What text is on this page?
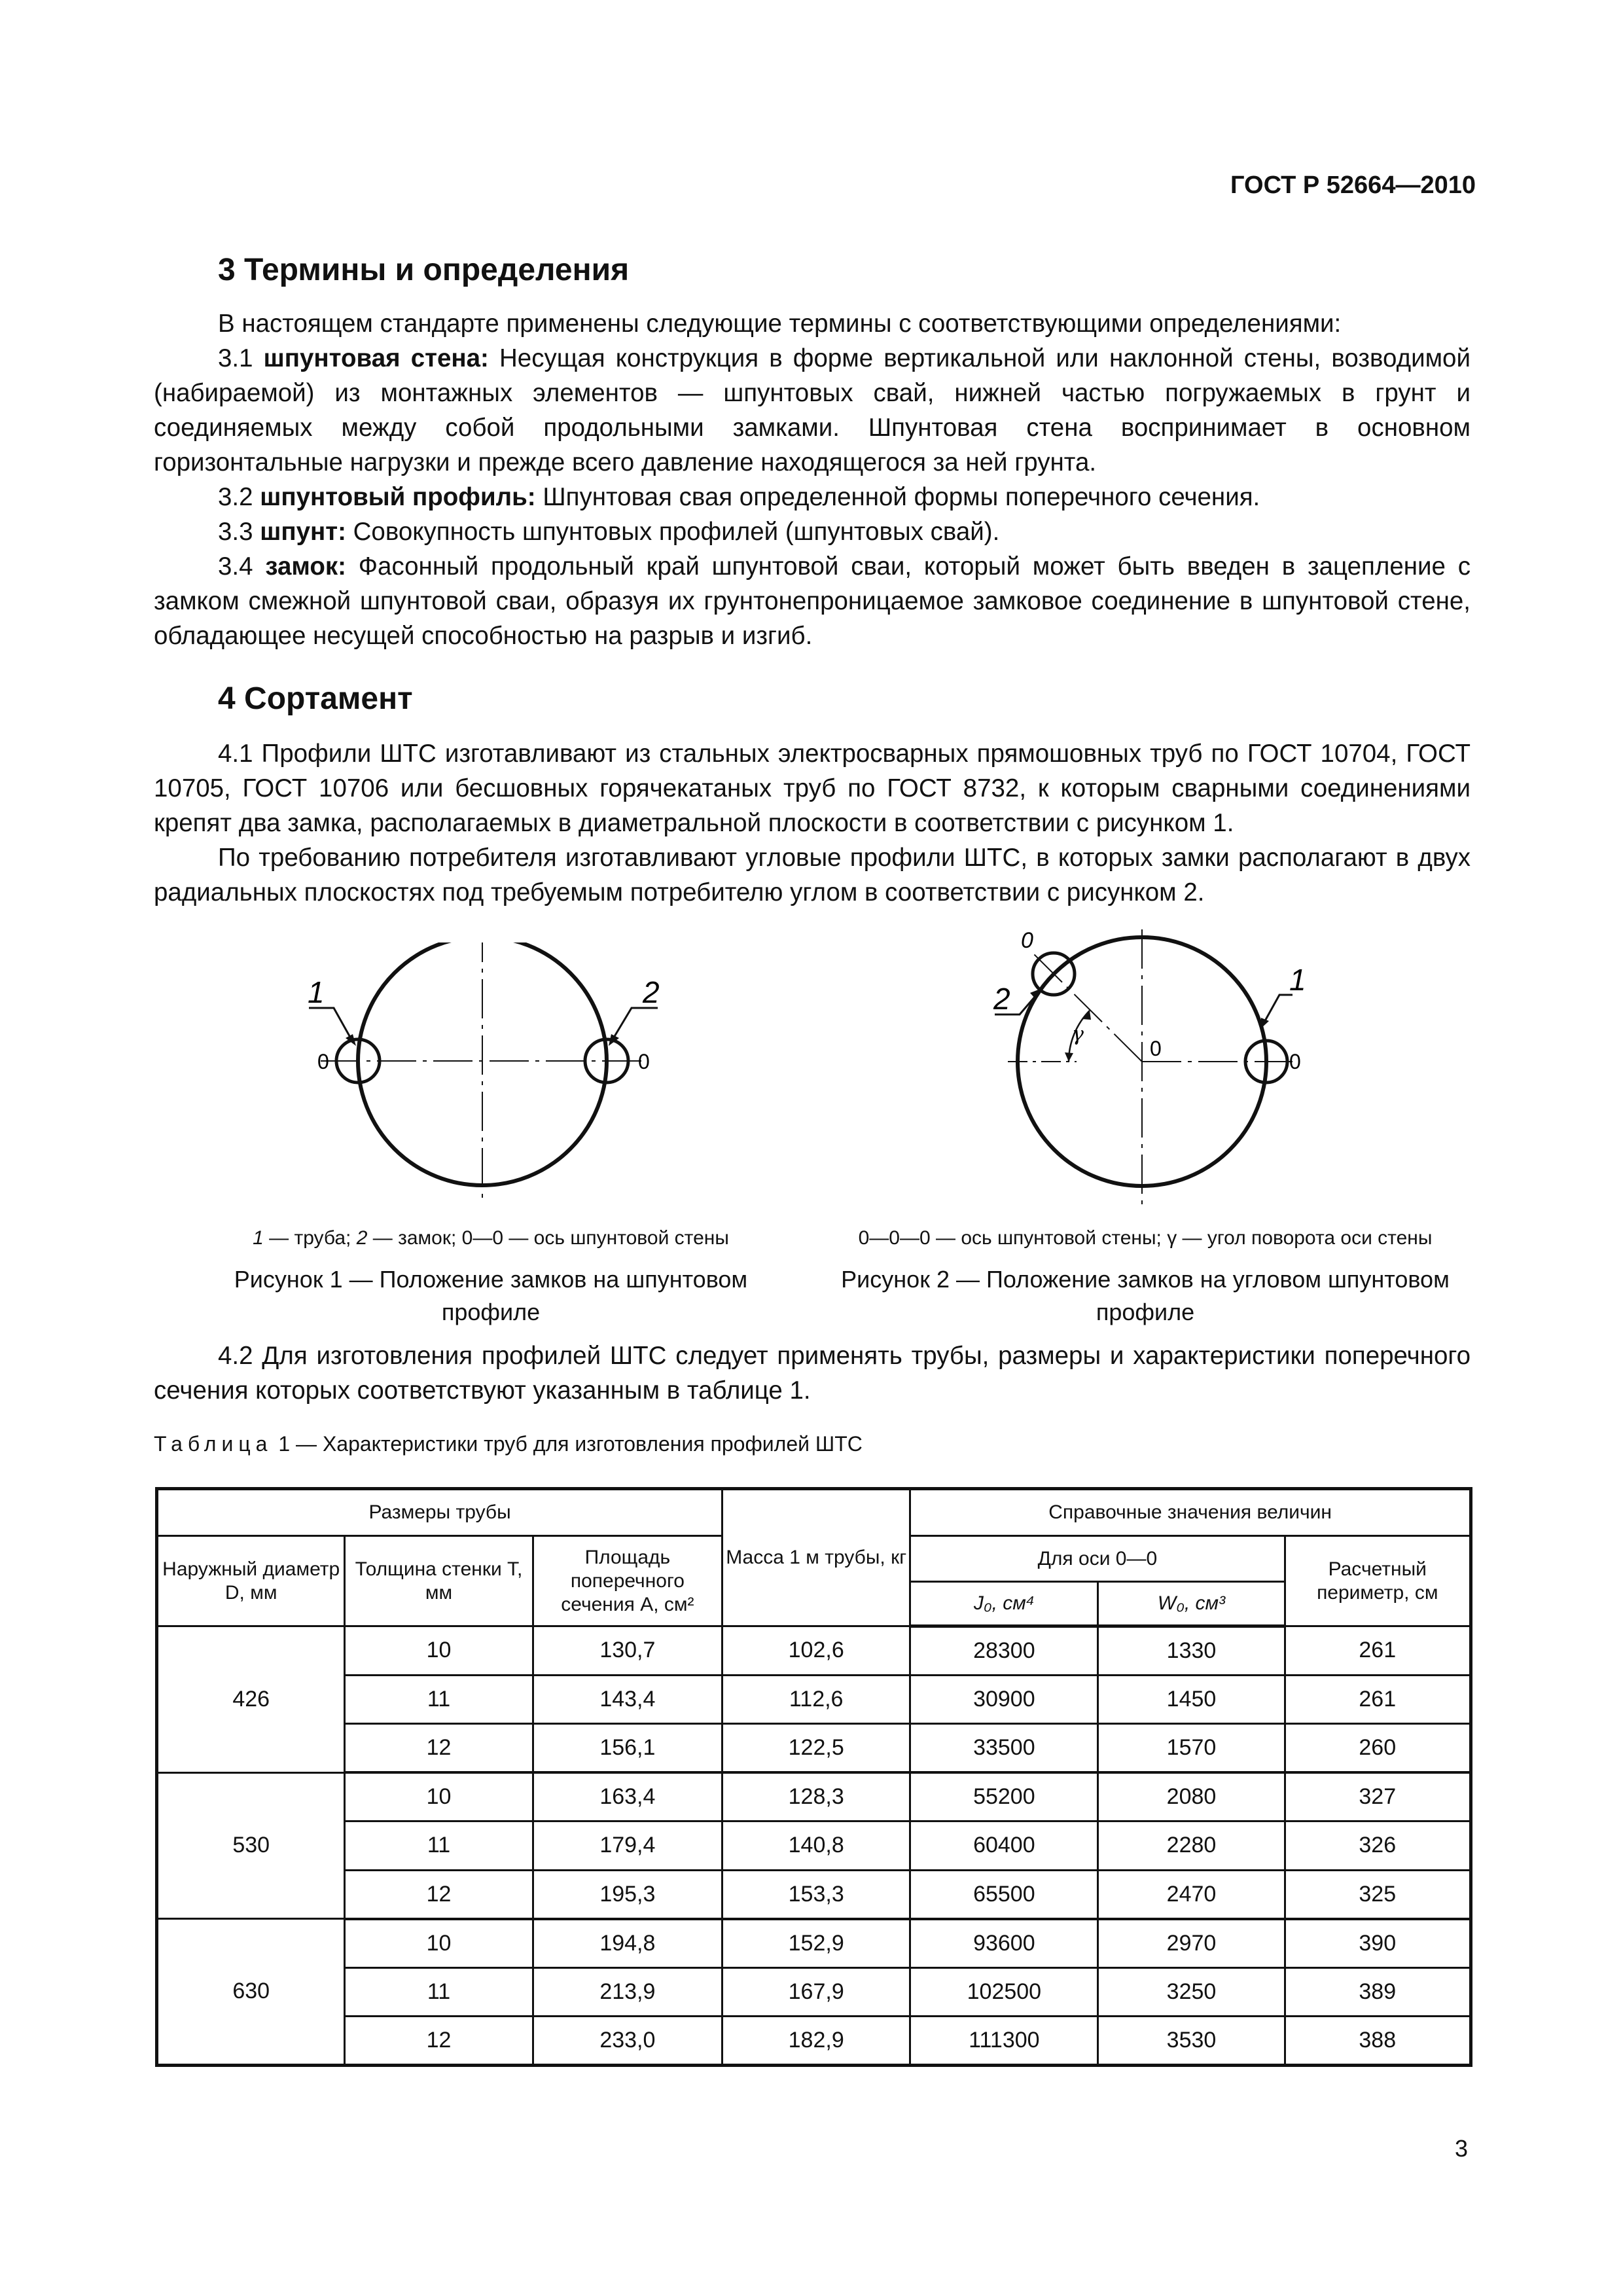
ГОСТ Р 52664—2010
3 Термины и определения

В настоящем стандарте применены следующие термины с соответствующими определениями:

3.1 шпунтовая стена: Несущая конструкция в форме вертикальной или наклонной стены, возводимой (набираемой) из монтажных элементов — шпунтовых свай, нижней частью погружаемых в грунт и соединяемых между собой продольными замками. Шпунтовая стена воспринимает в основном горизонтальные нагрузки и прежде всего давление находящегося за ней грунта.

3.2 шпунтовый профиль: Шпунтовая свая определенной формы поперечного сечения.

3.3 шпунт: Совокупность шпунтовых профилей (шпунтовых свай).

3.4 замок: Фасонный продольный край шпунтовой сваи, который может быть введен в зацепление с замком смежной шпунтовой сваи, образуя их грунтонепроницаемое замковое соединение в шпунтовой стене, обладающее несущей способностью на разрыв и изгиб.

4 Сортамент

4.1 Профили ШТС изготавливают из стальных электросварных прямошовных труб по ГОСТ 10704, ГОСТ 10705, ГОСТ 10706 или бесшовных горячекатаных труб по ГОСТ 8732, к которым сварными соединениями крепят два замка, располагаемых в диаметральной плоскости в соответствии с рисунком 1.

По требованию потребителя изготавливают угловые профили ШТС, в которых замки располагают в двух радиальных плоскостях под требуемым потребителю углом в соответствии с рисунком 2.

1	2
0	0
1 — труба; 2 — замок; 0—0 — ось шпунтовой стены
Рисунок 1 — Положение замков на шпунтовом профиле
0
0
0
1
2
γ
0—0—0 — ось шпунтовой стены; γ — угол поворота оси стены
Рисунок 2 — Положение замков на угловом шпунтовом профиле

4.2 Для изготовления профилей ШТС следует применять трубы, размеры и характеристики поперечного сечения которых соответствуют указанным в таблице 1.

Таблица 1 — Характеристики труб для изготовления профилей ШТС
Размеры трубы			Масса 1 м трубы, кг	Справочные значения величин		
Наружный диаметр D, мм	Толщина стенки T, мм	Площадь поперечного сечения A, см²		Для оси 0—0		Расчетный периметр, см
				J₀, см⁴	W₀, см³	
426	10	130,7	102,6	28300	1330	261
	11	143,4	112,6	30900	1450	261
	12	156,1	122,5	33500	1570	260
530	10	163,4	128,3	55200	2080	327
	11	179,4	140,8	60400	2280	326
	12	195,3	153,3	65500	2470	325
630	10	194,8	152,9	93600	2970	390
	11	213,9	167,9	102500	3250	389
	12	233,0	182,9	111300	3530	388
3
